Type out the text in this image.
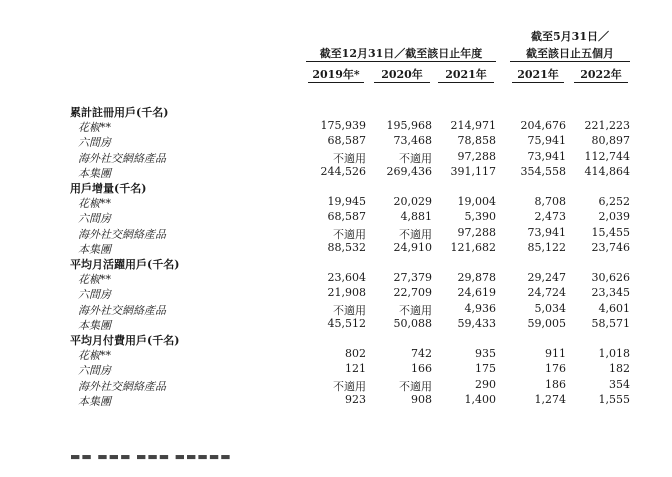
截至12月31日／截至該日止年度
截至5月31日／
截至該日止五個月
2019年*	2020年	2021年	2021年	2022年
累計註冊用戶(千名)
花椒**	175,939	195,968	214,971	204,676	221,223
六間房	68,587	73,468	78,858	75,941	80,897
海外社交網絡產品	不適用	不適用	97,288	73,941	112,744
本集團	244,526	269,436	391,117	354,558	414,864
用戶增量(千名)
花椒**	19,945	20,029	19,004	8,708	6,252
六間房	68,587	4,881	5,390	2,473	2,039
海外社交網絡產品	不適用	不適用	97,288	73,941	15,455
本集團	88,532	24,910	121,682	85,122	23,746
平均月活躍用戶(千名)
花椒**	23,604	27,379	29,878	29,247	30,626
六間房	21,908	22,709	24,619	24,724	23,345
海外社交網絡產品	不適用	不適用	4,936	5,034	4,601
本集團	45,512	50,088	59,433	59,005	58,571
平均月付費用戶(千名)
花椒**	802	742	935	911	1,018
六間房	121	166	175	176	182
海外社交網絡產品	不適用	不適用	290	186	354
本集團	923	908	1,400	1,274	1,555
▬▬ ▬▬▬ ▬▬▬ ▬▬▬▬▬
